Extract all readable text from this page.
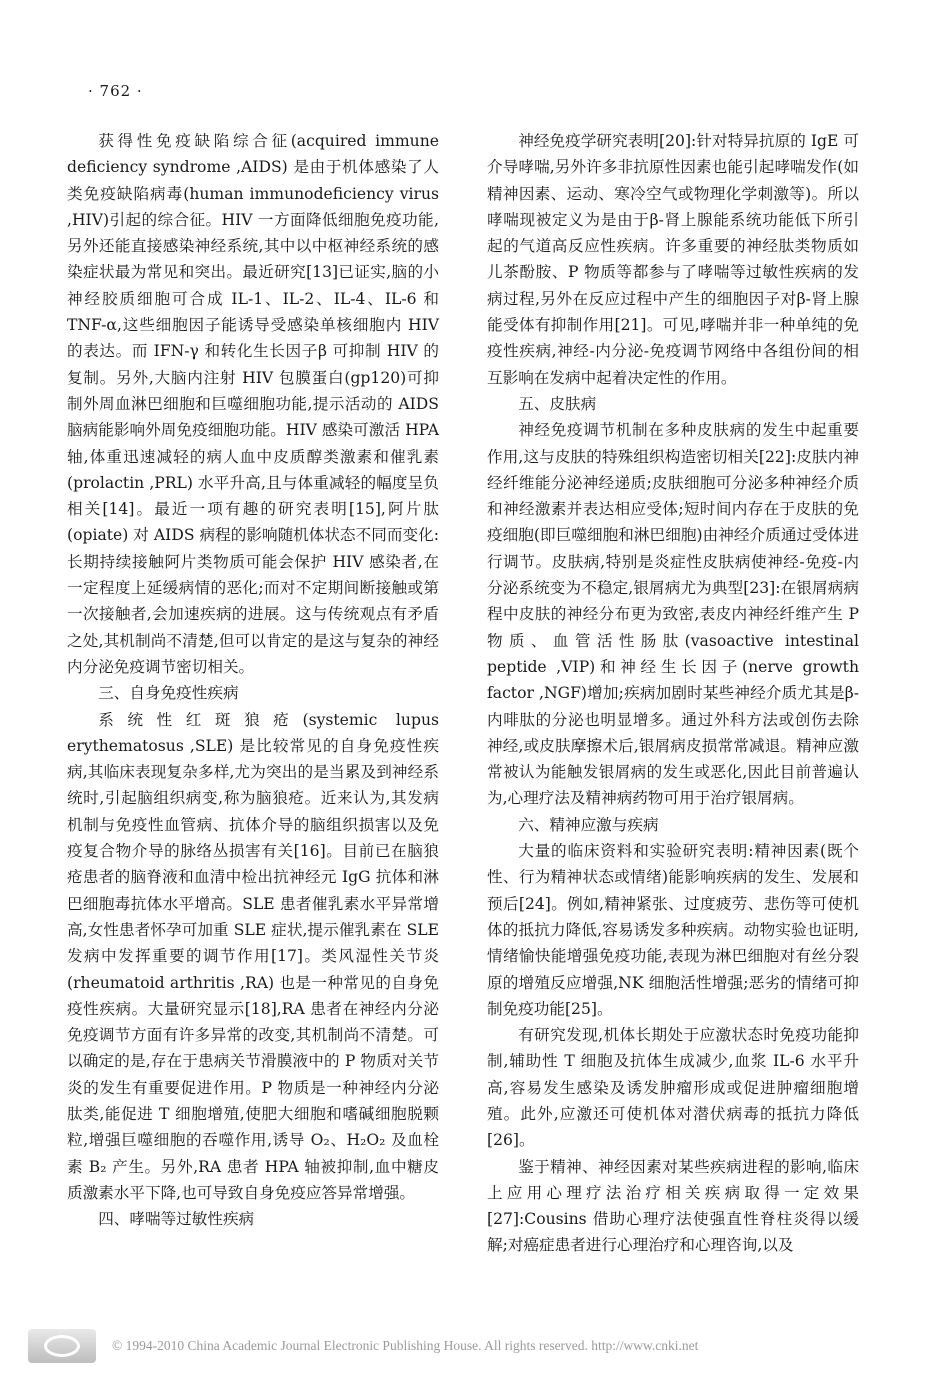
· 762 ·

获得性免疫缺陷综合征(acquired immune deficiency syndrome ,AIDS) 是由于机体感染了人类免疫缺陷病毒(human immunodeficiency virus ,HIV)引起的综合征。HIV 一方面降低细胞免疫功能,另外还能直接感染神经系统,其中以中枢神经系统的感染症状最为常见和突出。最近研究[13]已证实,脑的小神经胶质细胞可合成 IL-1、IL-2、IL-4、IL-6 和 TNF-α,这些细胞因子能诱导受感染单核细胞内 HIV 的表达。而 IFN-γ 和转化生长因子β 可抑制 HIV 的复制。另外,大脑内注射 HIV 包膜蛋白(gp120)可抑制外周血淋巴细胞和巨噬细胞功能,提示活动的 AIDS 脑病能影响外周免疫细胞功能。HIV 感染可激活 HPA 轴,体重迅速减轻的病人血中皮质醇类激素和催乳素(prolactin ,PRL) 水平升高,且与体重减轻的幅度呈负相关[14]。最近一项有趣的研究表明[15],阿片肽(opiate) 对 AIDS 病程的影响随机体状态不同而变化:长期持续接触阿片类物质可能会保护 HIV 感染者,在一定程度上延缓病情的恶化;而对不定期间断接触或第一次接触者,会加速疾病的进展。这与传统观点有矛盾之处,其机制尚不清楚,但可以肯定的是这与复杂的神经内分泌免疫调节密切相关。

三、自身免疫性疾病

系统性红斑狼疮(systemic lupus erythematosus ,SLE) 是比较常见的自身免疫性疾病,其临床表现复杂多样,尤为突出的是当累及到神经系统时,引起脑组织病变,称为脑狼疮。近来认为,其发病机制与免疫性血管病、抗体介导的脑组织损害以及免疫复合物介导的脉络丛损害有关[16]。目前已在脑狼疮患者的脑脊液和血清中检出抗神经元 IgG 抗体和淋巴细胞毒抗体水平增高。SLE 患者催乳素水平异常增高,女性患者怀孕可加重 SLE 症状,提示催乳素在 SLE 发病中发挥重要的调节作用[17]。类风湿性关节炎(rheumatoid arthritis ,RA) 也是一种常见的自身免疫性疾病。大量研究显示[18],RA 患者在神经内分泌免疫调节方面有许多异常的改变,其机制尚不清楚。可以确定的是,存在于患病关节滑膜液中的 P 物质对关节炎的发生有重要促进作用。P 物质是一种神经内分泌肽类,能促进 T 细胞增殖,使肥大细胞和嗜碱细胞脱颗粒,增强巨噬细胞的吞噬作用,诱导 O₂、H₂O₂ 及血栓素 B₂ 产生。另外,RA 患者 HPA 轴被抑制,血中糖皮质激素水平下降,也可导致自身免疫应答异常增强。

四、哮喘等过敏性疾病

神经免疫学研究表明[20]:针对特异抗原的 IgE 可介导哮喘,另外许多非抗原性因素也能引起哮喘发作(如精神因素、运动、寒冷空气或物理化学刺激等)。所以哮喘现被定义为是由于β-肾上腺能系统功能低下所引起的气道高反应性疾病。许多重要的神经肽类物质如儿茶酚胺、P 物质等都参与了哮喘等过敏性疾病的发病过程,另外在反应过程中产生的细胞因子对β-肾上腺能受体有抑制作用[21]。可见,哮喘并非一种单纯的免疫性疾病,神经-内分泌-免疫调节网络中各组份间的相互影响在发病中起着决定性的作用。

五、皮肤病

神经免疫调节机制在多种皮肤病的发生中起重要作用,这与皮肤的特殊组织构造密切相关[22]:皮肤内神经纤维能分泌神经递质;皮肤细胞可分泌多种神经介质和神经激素并表达相应受体;短时间内存在于皮肤的免疫细胞(即巨噬细胞和淋巴细胞)由神经介质通过受体进行调节。皮肤病,特别是炎症性皮肤病使神经-免疫-内分泌系统变为不稳定,银屑病尤为典型[23]:在银屑病病程中皮肤的神经分布更为致密,表皮内神经纤维产生 P 物质、血管活性肠肽(vasoactive intestinal peptide ,VIP)和神经生长因子(nerve growth factor ,NGF)增加;疾病加剧时某些神经介质尤其是β-内啡肽的分泌也明显增多。通过外科方法或创伤去除神经,或皮肤摩擦术后,银屑病皮损常常减退。精神应激常被认为能触发银屑病的发生或恶化,因此目前普遍认为,心理疗法及精神病药物可用于治疗银屑病。

六、精神应激与疾病

大量的临床资料和实验研究表明:精神因素(既个性、行为精神状态或情绪)能影响疾病的发生、发展和预后[24]。例如,精神紧张、过度疲劳、悲伤等可使机体的抵抗力降低,容易诱发多种疾病。动物实验也证明,情绪愉快能增强免疫功能,表现为淋巴细胞对有丝分裂原的增殖反应增强,NK 细胞活性增强;恶劣的情绪可抑制免疫功能[25]。

有研究发现,机体长期处于应激状态时免疫功能抑制,辅助性 T 细胞及抗体生成减少,血浆 IL-6 水平升高,容易发生感染及诱发肿瘤形成或促进肿瘤细胞增殖。此外,应激还可使机体对潜伏病毒的抵抗力降低[26]。

鉴于精神、神经因素对某些疾病进程的影响,临床上应用心理疗法治疗相关疾病取得一定效果[27]:Cousins 借助心理疗法使强直性脊柱炎得以缓解;对癌症患者进行心理治疗和心理咨询,以及

© 1994-2010 China Academic Journal Electronic Publishing House. All rights reserved. http://www.cnki.net
